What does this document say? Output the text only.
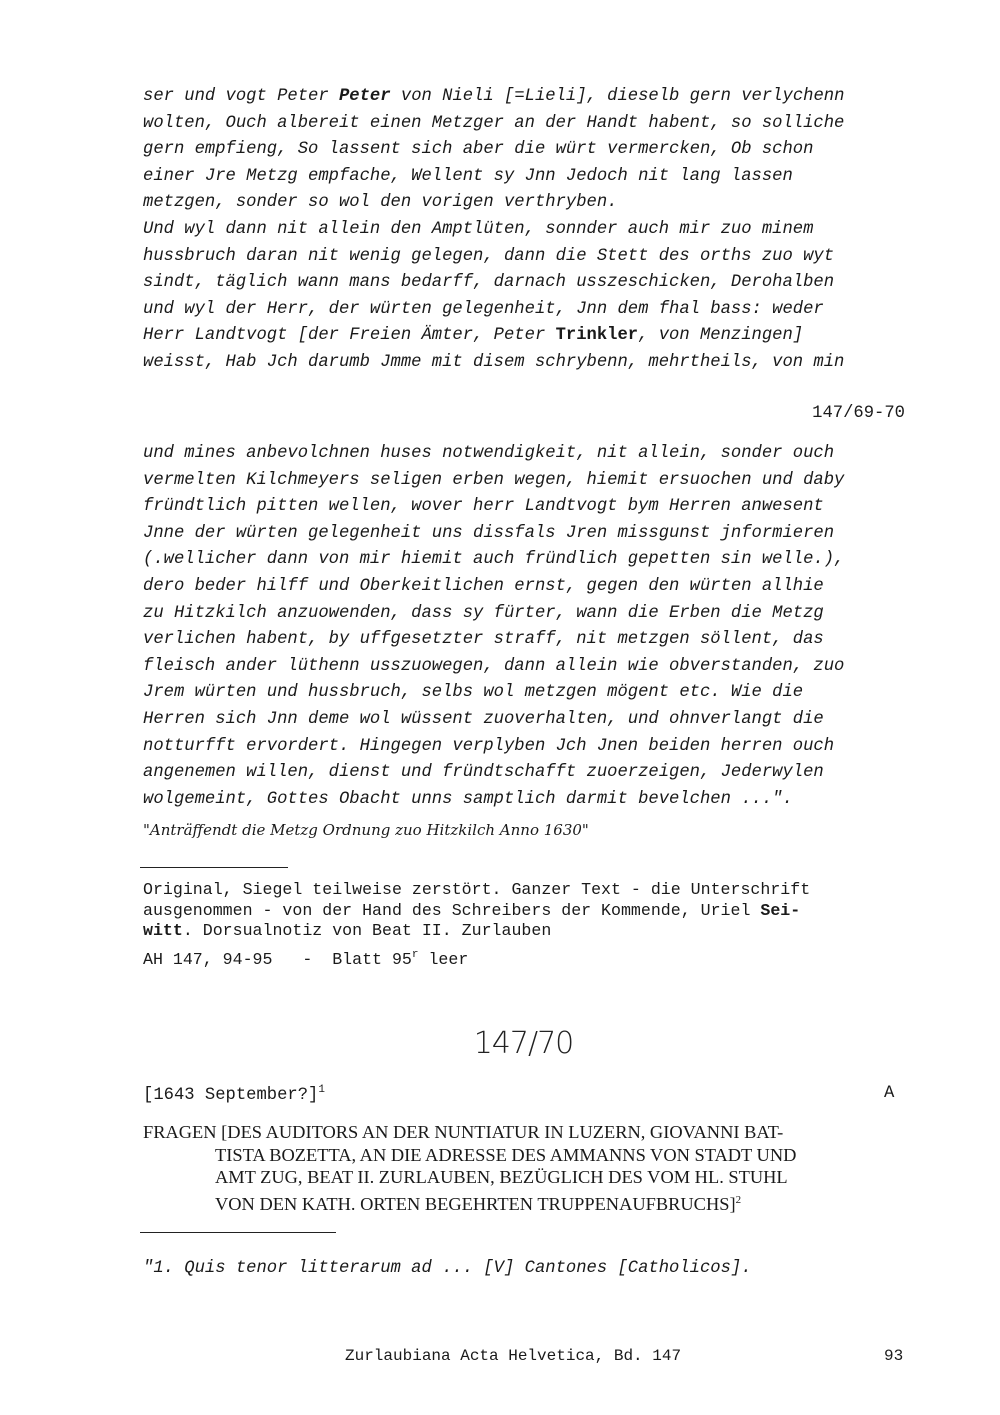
ser und vogt Peter Peter von Nieli [=Lieli], dieselb gern verlychenn
wolten, Ouch albereit einen Metzger an der Handt habent, so solliche
gern empfieng, So lassent sich aber die würt vermercken, Ob schon
einer Jre Metzg empfache, Wellent sy Jnn Jedoch nit lang lassen
metzgen, sonder so wol den vorigen verthryben.
Und wyl dann nit allein den Amptlüten, sonnder auch mir zuo minem
hussbruch daran nit wenig gelegen, dann die Stett des orths zuo wyt
sindt, täglich wann mans bedarff, darnach usszeschicken, Derohalben
und wyl der Herr, der würten gelegenheit, Jnn dem fhal bass: weder
Herr Landtvogt [der Freien Ämter, Peter Trinkler, von Menzingen]
weisst, Hab Jch darumb Jmme mit disem schrybenn, mehrtheils, von min
147/69-70
und mines anbevolchnen huses notwendigkeit, nit allein, sonder ouch
vermelten Kilchmeyers seligen erben wegen, hiemit ersuochen und daby
fründtlich pitten wellen, wover herr Landtvogt bym Herren anwesent
Jnne der würten gelegenheit uns dissfals Jren missgunst jnformieren
(.wellicher dann von mir hiemit auch fründlich gepetten sin welle.),
dero beder hilff und Oberkeitlichen ernst, gegen den würten allhie
zu Hitzkilch anzuowenden, dass sy fürter, wann die Erben die Metzg
verlichen habent, by uffgesetzter straff, nit metzgen söllent, das
fleisch ander lüthenn usszuowegen, dann allein wie obverstanden, zuo
Jrem würten und hussbruch, selbs wol metzgen mögent etc. Wie die
Herren sich Jnn deme wol wüssent zuoverhalten, und ohnverlangt die
notturfft ervordert. Hingegen verplyben Jch Jnen beiden herren ouch
angenemen willen, dienst und fründtschafft zuoerzeigen, Jederwylen
wolgemeint, Gottes Obacht unns samptlich darmit bevelchen ...".
"Anträffendt die Metzg Ordnung zuo Hitzkilch Anno 1630"
Original, Siegel teilweise zerstört. Ganzer Text - die Unterschrift
ausgenommen - von der Hand des Schreibers der Kommende, Uriel Sei-
witt. Dorsualnotiz von Beat II. Zurlauben
AH 147, 94-95   -  Blatt 95$^r$ leer
147/70
[1643 September?]$^1$	A
FRAGEN [DES AUDITORS AN DER NUNTIATUR IN LUZERN, GIOVANNI BAT-
TISTA BOZETTA, AN DIE ADRESSE DES AMMANNS VON STADT UND
AMT ZUG, BEAT II. ZURLAUBEN, BEZÜGLICH DES VOM HL. STUHL
VON DEN KATH. ORTEN BEGEHRTEN TRUPPENAUFBRUCHS]$^2$
"1. Quis tenor litterarum ad ... [V] Cantones [Catholicos].
Zurlaubiana Acta Helvetica, Bd. 147	93
